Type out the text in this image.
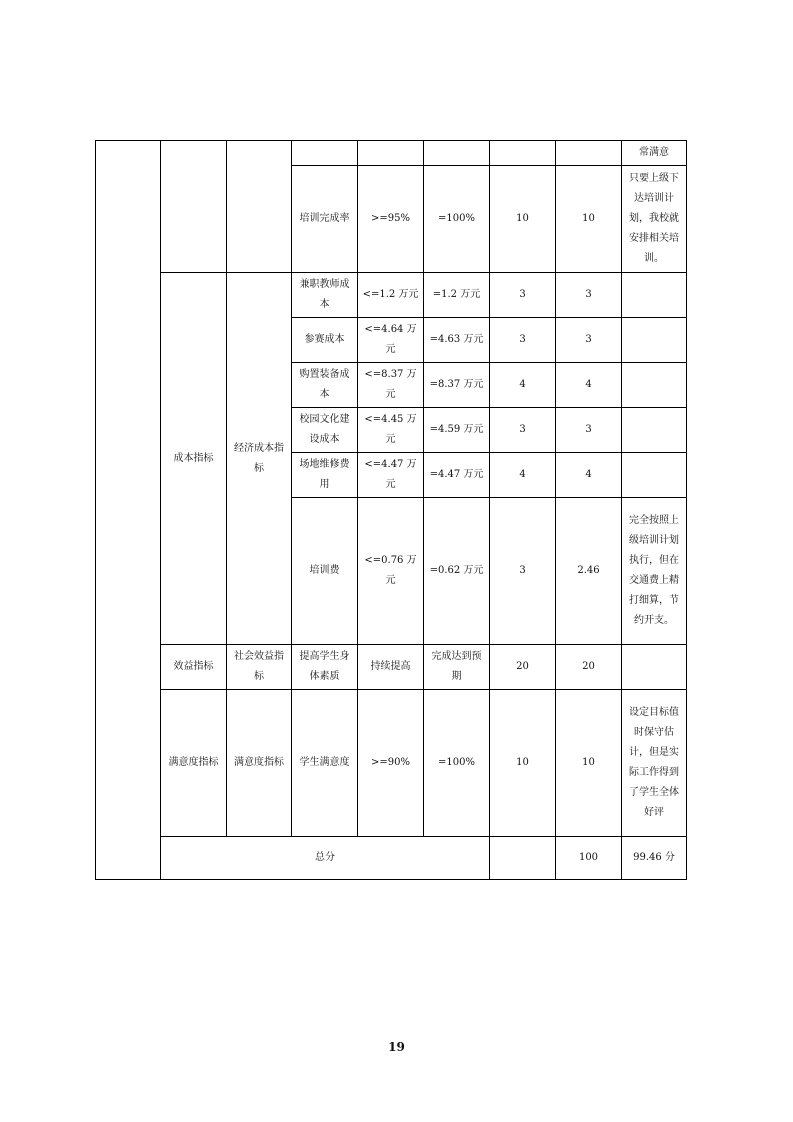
								常满意	
			培训完成率	>=95%	=100%	10	10	只要上级下达培训计划，我校就安排相关培训。	
	成本指标	经济成本指标	兼职教师成本	<=1.2 万元	=1.2 万元	3	3		
			参赛成本	<=4.64 万元	=4.63 万元	3	3		
			购置装备成本	<=8.37 万元	=8.37 万元	4	4		
			校园文化建设成本	<=4.45 万元	=4.59 万元	3	3		
			场地维修费用	<=4.47 万元	=4.47 万元	4	4		
			培训费	<=0.76 万元	=0.62 万元	3	2.46	完全按照上级培训计划执行，但在交通费上精打细算，节约开支。	
	效益指标	社会效益指标	提高学生身体素质	持续提高	完成达到预期	20	20		
	满意度指标	满意度指标	学生满意度	>=90%	=100%	10	10	设定目标值时保守估计，但是实际工作得到了学生全体好评	
	总分						100	99.46 分	
19
